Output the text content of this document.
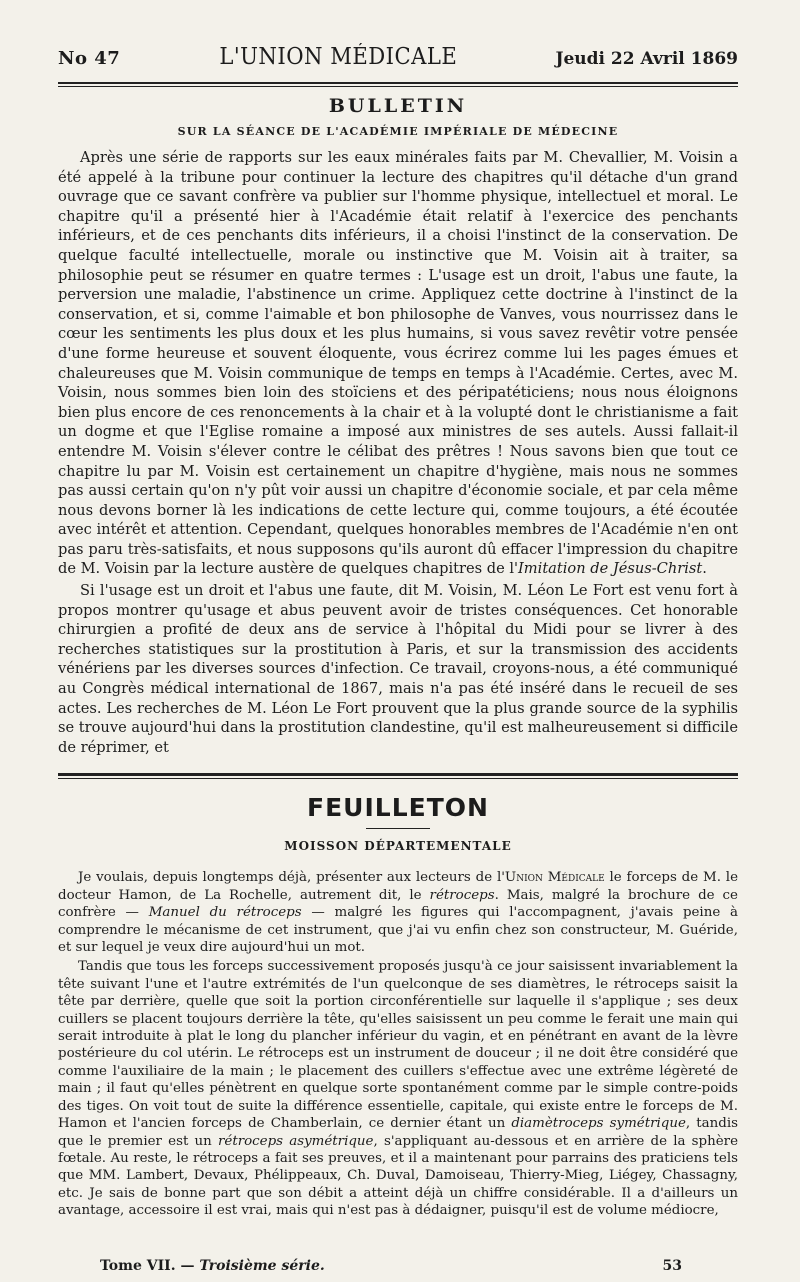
No 47	L'UNION MÉDICALE	Jeudi 22 Avril 1869
BULLETIN
SUR LA SÉANCE DE L'ACADÉMIE IMPÉRIALE DE MÉDECINE

Après une série de rapports sur les eaux minérales faits par M. Chevallier, M. Voisin a été appelé à la tribune pour continuer la lecture des chapitres qu'il détache d'un grand ouvrage que ce savant confrère va publier sur l'homme physique, intellectuel et moral. Le chapitre qu'il a présenté hier à l'Académie était relatif à l'exercice des penchants inférieurs, et de ces penchants dits inférieurs, il a choisi l'instinct de la conservation. De quelque faculté intellectuelle, morale ou instinctive que M. Voisin ait à traiter, sa philosophie peut se résumer en quatre termes : L'usage est un droit, l'abus une faute, la perversion une maladie, l'abstinence un crime. Appliquez cette doctrine à l'instinct de la conservation, et si, comme l'aimable et bon philosophe de Vanves, vous nourrissez dans le cœur les sentiments les plus doux et les plus humains, si vous savez revêtir votre pensée d'une forme heureuse et souvent éloquente, vous écrirez comme lui les pages émues et chaleureuses que M. Voisin communique de temps en temps à l'Académie. Certes, avec M. Voisin, nous sommes bien loin des stoïciens et des péripatéticiens; nous nous éloignons bien plus encore de ces renoncements à la chair et à la volupté dont le christianisme a fait un dogme et que l'Eglise romaine a imposé aux ministres de ses autels. Aussi fallait-il entendre M. Voisin s'élever contre le célibat des prêtres ! Nous savons bien que tout ce chapitre lu par M. Voisin est certainement un chapitre d'hygiène, mais nous ne sommes pas aussi certain qu'on n'y pût voir aussi un chapitre d'économie sociale, et par cela même nous devons borner là les indications de cette lecture qui, comme toujours, a été écoutée avec intérêt et attention. Cependant, quelques honorables membres de l'Académie n'en ont pas paru très-satisfaits, et nous supposons qu'ils auront dû effacer l'impression du chapitre de M. Voisin par la lecture austère de quelques chapitres de l'Imitation de Jésus-Christ.

Si l'usage est un droit et l'abus une faute, dit M. Voisin, M. Léon Le Fort est venu fort à propos montrer qu'usage et abus peuvent avoir de tristes conséquences. Cet honorable chirurgien a profité de deux ans de service à l'hôpital du Midi pour se livrer à des recherches statistiques sur la prostitution à Paris, et sur la transmission des accidents vénériens par les diverses sources d'infection. Ce travail, croyons-nous, a été communiqué au Congrès médical international de 1867, mais n'a pas été inséré dans le recueil de ses actes. Les recherches de M. Léon Le Fort prouvent que la plus grande source de la syphilis se trouve aujourd'hui dans la prostitution clandestine, qu'il est malheureusement si difficile de réprimer, et

FEUILLETON
MOISSON DÉPARTEMENTALE

Je voulais, depuis longtemps déjà, présenter aux lecteurs de l'Union Médicale le forceps de M. le docteur Hamon, de La Rochelle, autrement dit, le rétroceps. Mais, malgré la brochure de ce confrère — Manuel du rétroceps — malgré les figures qui l'accompagnent, j'avais peine à comprendre le mécanisme de cet instrument, que j'ai vu enfin chez son constructeur, M. Guéride, et sur lequel je veux dire aujourd'hui un mot.

Tandis que tous les forceps successivement proposés jusqu'à ce jour saisissent invariablement la tête suivant l'une et l'autre extrémités de l'un quelconque de ses diamètres, le rétroceps saisit la tête par derrière, quelle que soit la portion circonférentielle sur laquelle il s'applique ; ses deux cuillers se placent toujours derrière la tête, qu'elles saisissent un peu comme le ferait une main qui serait introduite à plat le long du plancher inférieur du vagin, et en pénétrant en avant de la lèvre postérieure du col utérin. Le rétroceps est un instrument de douceur ; il ne doit être considéré que comme l'auxiliaire de la main ; le placement des cuillers s'effectue avec une extrême légèreté de main ; il faut qu'elles pénètrent en quelque sorte spontanément comme par le simple contre-poids des tiges. On voit tout de suite la différence essentielle, capitale, qui existe entre le forceps de M. Hamon et l'ancien forceps de Chamberlain, ce dernier étant un diamètroceps symétrique, tandis que le premier est un rétroceps asymétrique, s'appliquant au-dessous et en arrière de la sphère fœtale. Au reste, le rétroceps a fait ses preuves, et il a maintenant pour parrains des praticiens tels que MM. Lambert, Devaux, Phélippeaux, Ch. Duval, Damoiseau, Thierry-Mieg, Liégey, Chassagny, etc. Je sais de bonne part que son débit a atteint déjà un chiffre considérable. Il a d'ailleurs un avantage, accessoire il est vrai, mais qui n'est pas à dédaigner, puisqu'il est de volume médiocre,

Tome VII. — Troisième série.	53
